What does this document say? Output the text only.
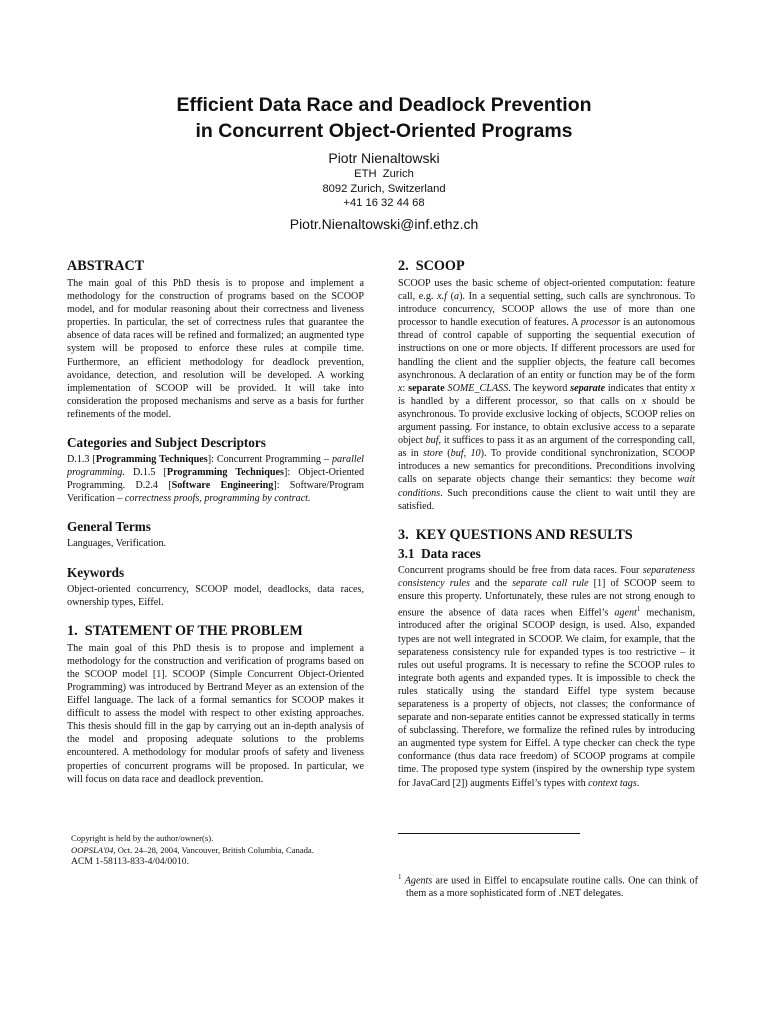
Efficient Data Race and Deadlock Prevention
in Concurrent Object-Oriented Programs
Piotr Nienaltowski
ETH  Zurich
8092 Zurich, Switzerland
+41 16 32 44 68
Piotr.Nienaltowski@inf.ethz.ch
ABSTRACT

The main goal of this PhD thesis is to propose and implement a methodology for the construction of programs based on the SCOOP model, and for modular reasoning about their correctness and liveness properties. In particular, the set of correctness rules that guarantee the absence of data races will be refined and formalized; an augmented type system will be proposed to enforce these rules at compile time. Furthermore, an efficient methodology for deadlock prevention, avoidance, detection, and resolution will be developed. A working implementation of SCOOP will be provided. It will take into consideration the proposed mechanisms and serve as a basis for further refinements of the model.

Categories and Subject Descriptors

D.1.3 [Programming Techniques]: Concurrent Programming – parallel programming. D.1.5 [Programming Techniques]: Object-Oriented Programming. D.2.4 [Software Engineering]: Software/Program Verification – correctness proofs, programming by contract.

General Terms

Languages, Verification.

Keywords

Object-oriented concurrency, SCOOP model, deadlocks, data races, ownership types, Eiffel.

1.  STATEMENT OF THE PROBLEM

The main goal of this PhD thesis is to propose and implement a methodology for the construction and verification of programs based on the SCOOP model [1]. SCOOP (Simple Concurrent Object-Oriented Programming) was introduced by Bertrand Meyer as an extension of the Eiffel language. The lack of a formal semantics for SCOOP makes it difficult to assess the model with respect to other existing approaches. This thesis should fill in the gap by carrying out an in-depth analysis of the model and proposing adequate solutions to the problems encountered. A methodology for modular proofs of safety and liveness properties of concurrent programs will be proposed. In particular, we will focus on data race and deadlock prevention.

Copyright is held by the author/owner(s).
OOPSLA'04, Oct. 24–28, 2004, Vancouver, British Columbia, Canada.
ACM 1-58113-833-4/04/0010.
2.  SCOOP

SCOOP uses the basic scheme of object-oriented computation: feature call, e.g. x.f (a). In a sequential setting, such calls are synchronous. To introduce concurrency, SCOOP allows the use of more than one processor to handle execution of features. A processor is an autonomous thread of control capable of supporting the sequential execution of instructions on one or more objects. If different processors are used for handling the client and the supplier objects, the feature call becomes asynchronous. A declaration of an entity or function may be of the form x: separate SOME_CLASS. The keyword separate indicates that entity x is handled by a different processor, so that calls on x should be asynchronous. To provide exclusive locking of objects, SCOOP relies on argument passing. For instance, to obtain exclusive access to a separate object buf, it suffices to pass it as an argument of the corresponding call, as in store (buf, 10). To provide conditional synchronization, SCOOP introduces a new semantics for preconditions. Preconditions involving calls on separate objects change their semantics: they become wait conditions. Such preconditions cause the client to wait until they are satisfied.

3.  KEY QUESTIONS AND RESULTS
3.1  Data races

Concurrent programs should be free from data races. Four separateness consistency rules and the separate call rule [1] of SCOOP seem to ensure this property. Unfortunately, these rules are not strong enough to ensure the absence of data races when Eiffel’s agent$^1$ mechanism, introduced after the original SCOOP design, is used. Also, expanded types are not well integrated in SCOOP. We claim, for example, that the separateness consistency rule for expanded types is too restrictive – it rules out useful programs. It is necessary to refine the SCOOP rules to integrate both agents and expanded types. It is impossible to check the rules statically using the standard Eiffel type system because separateness is a property of objects, not classes; the conformance of separate and non-separate entities cannot be expressed statically in terms of subclassing. Therefore, we formalize the refined rules by introducing an augmented type system for Eiffel. A type checker can check the type conformance (thus data race freedom) of SCOOP programs at compile time. The proposed type system (inspired by the ownership type system for JavaCard [2]) augments Eiffel’s types with context tags.

$^1$ Agents are used in Eiffel to encapsulate routine calls. One can think of them as a more sophisticated form of .NET delegates.
